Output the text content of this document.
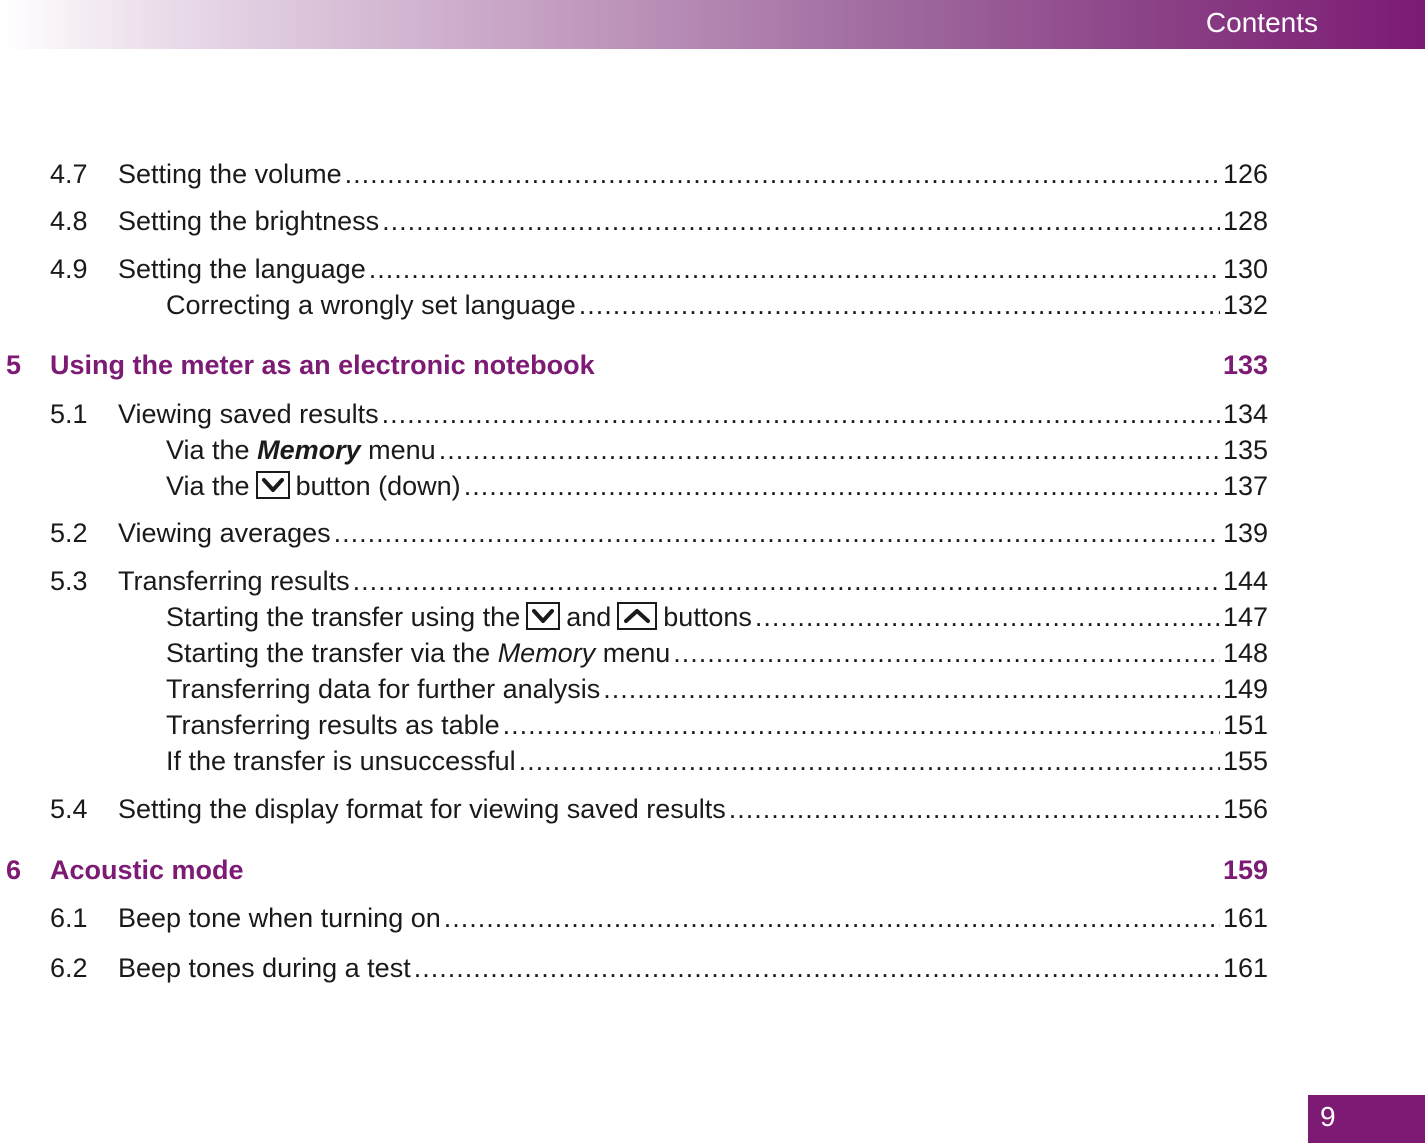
Contents
4.7 Setting the volume .....	126
4.8 Setting the brightness .....	128
4.9 Setting the language .....	130
Correcting a wrongly set language .....	132
5 Using the meter as an electronic notebook	133
5.1 Viewing saved results .....	134
Via the Memory menu .....	135
Via the button (down) .....	137
5.2 Viewing averages .....	139
5.3 Transferring results .....	144
Starting the transfer using the and buttons .....	147
Starting the transfer via the Memory menu .....	148
Transferring data for further analysis .....	149
Transferring results as table .....	151
If the transfer is unsuccessful .....	155
5.4 Setting the display format for viewing saved results .....	156
6 Acoustic mode	159
6.1 Beep tone when turning on .....	161
6.2 Beep tones during a test .....	161
9
